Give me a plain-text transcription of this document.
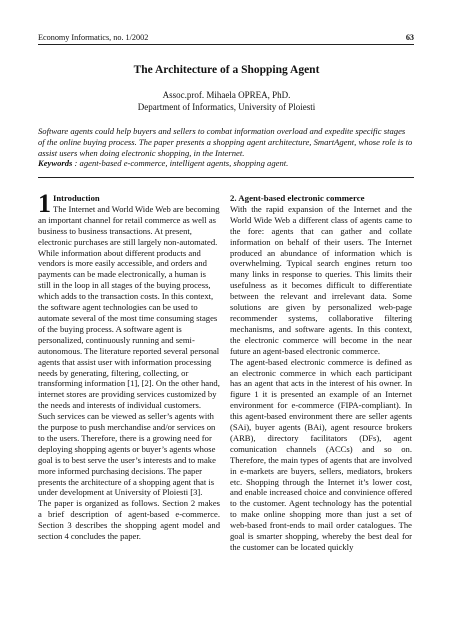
Economy Informatics, no. 1/2002	63
The Architecture of a Shopping Agent
Assoc.prof. Mihaela OPREA, PhD.
Department of Informatics, University of Ploiesti

Software agents could help buyers and sellers to combat information overload and expedite specific stages of the online buying process. The paper presents a shopping agent architecture, SmartAgent, whose role is to assist users when doing electronic shopping, in the Internet.

Keywords : agent-based e-commerce, intelligent agents, shopping agent.

1 Introduction

The Internet and World Wide Web are becoming an important channel for retail commerce as well as business to business transactions. At present, electronic purchases are still largely non-automated. While information about different products and vendors is more easily accessible, and orders and payments can be made electronically, a human is still in the loop in all stages of the buying process, which adds to the transaction costs. In this context, the software agent technologies can be used to automate several of the most time consuming stages of the buying process. A software agent is personalized, continuously running and semi-autonomous. The literature reported several personal agents that assist user with information processing needs by generating, filtering, collecting, or transforming information [1], [2]. On the other hand, internet stores are providing services customized by the needs and interests of individual customers. Such services can be viewed as seller’s agents with the purpose to push merchandise and/or services on to the users. Therefore, there is a growing need for deploying shopping agents or buyer’s agents whose goal is to best serve the user’s interests and to make more informed purchasing decisions. The paper presents the architecture of a shopping agent that is under development at University of Ploiesti [3].

The paper is organized as follows. Section 2 makes a brief description of agent-based e-commerce. Section 3 describes the shopping agent model and section 4 concludes the paper.

2. Agent-based electronic commerce

With the rapid expansion of the Internet and the World Wide Web a different class of agents came to the fore: agents that can gather and collate information on behalf of their users. The Internet produced an abundance of information which is overwhelming. Typical search engines return too many links in response to queries. This limits their usefulness as it becomes difficult to differentiate between the relevant and irrelevant data. Some solutions are given by personalized web-page recommender systems, collaborative filtering mechanisms, and software agents. In this context, the electronic commerce will become in the near future an agent-based electronic commerce.

The agent-based electronic commerce is defined as an electronic commerce in which each participant has an agent that acts in the interest of his owner. In figure 1 it is presented an example of an Internet environment for e-commerce (FIPA-compliant). In this agent-based environment there are seller agents (SAi), buyer agents (BAi), agent resource brokers (ARB), directory facilitators (DFs), agent comunication channels (ACCs) and so on. Therefore, the main types of agents that are involved in e-markets are buyers, sellers, mediators, brokers etc. Shopping through the Internet it’s lower cost, and enable increased choice and convinience offered to the customer. Agent technology has the potential to make online shopping more than just a set of web-based front-ends to mail order catalogues. The goal is smarter shopping, whereby the best deal for the customer can be located quickly
